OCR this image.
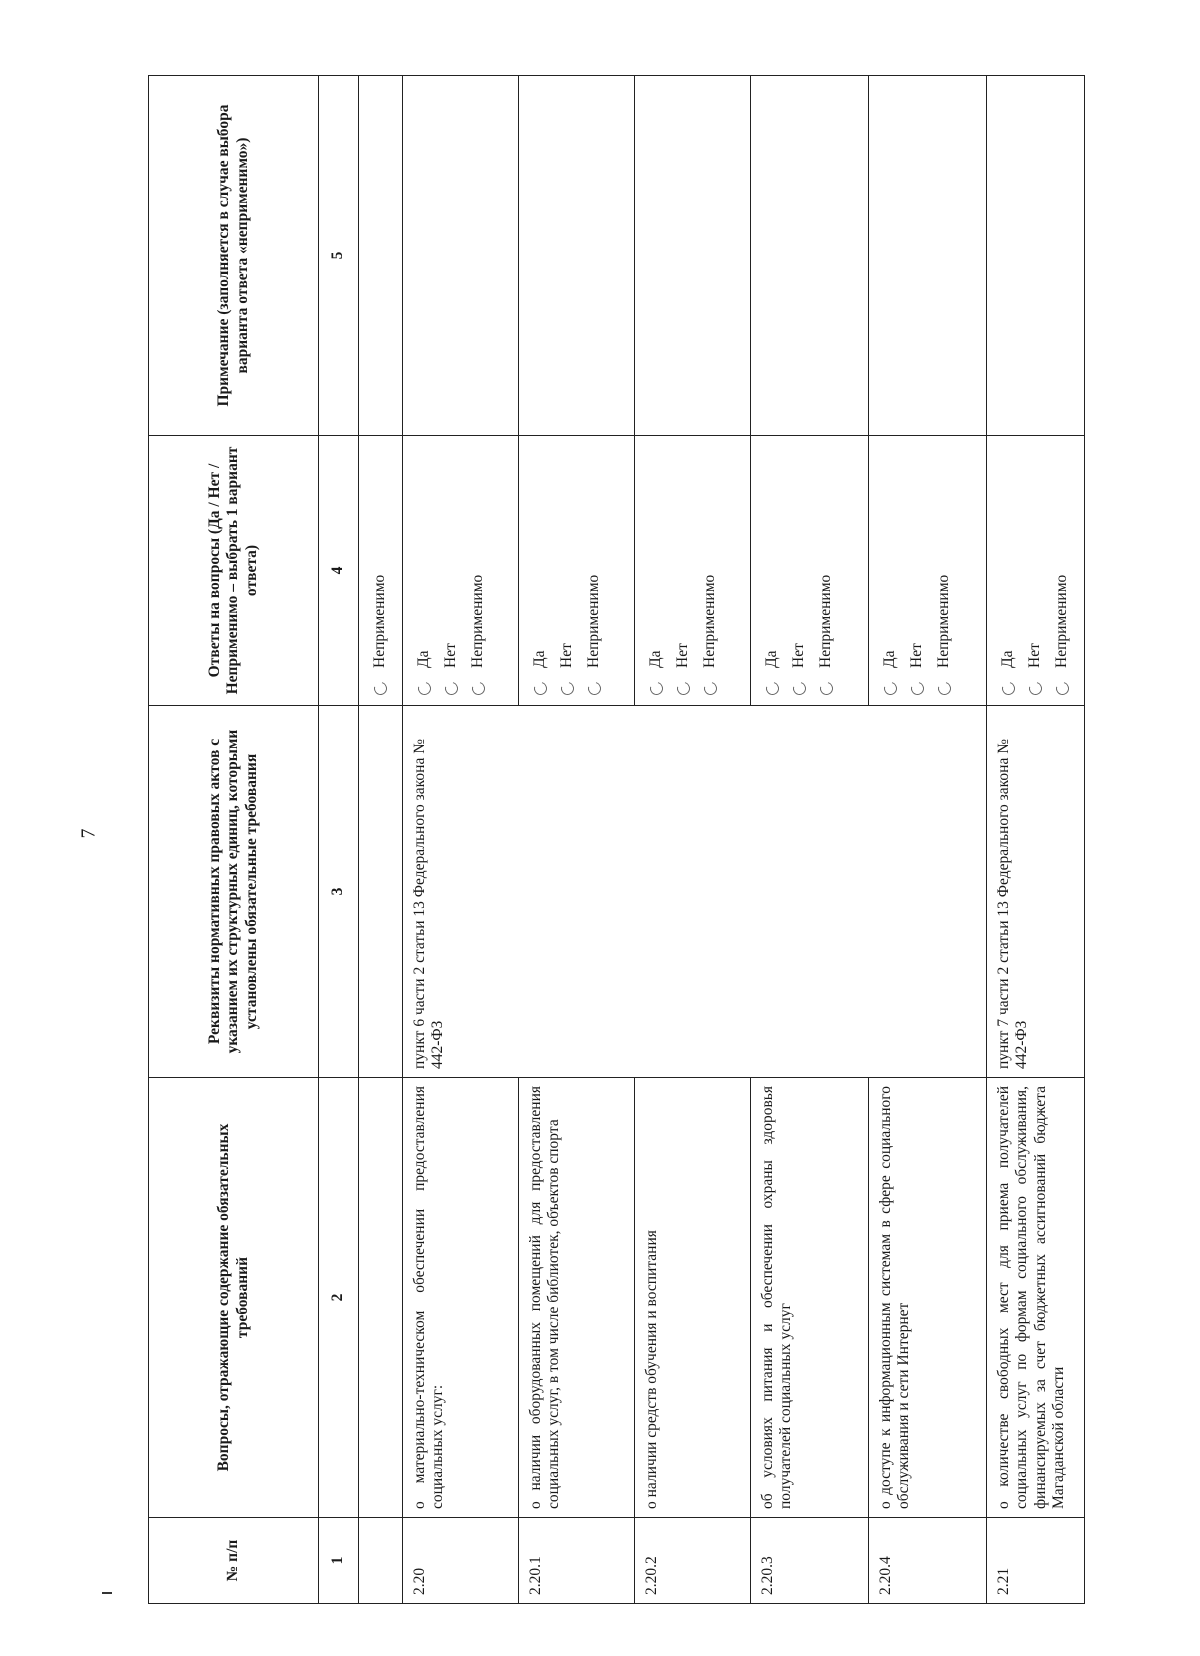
7
№ п/п	Вопросы, отражающие содержание обязательных требований	Реквизиты нормативных правовых актов с указанием их структурных единиц, которыми установлены обязательные требования	Ответы на вопросы (Да / Нет / Неприменимо – выбрать 1 вариант ответа)	Примечание (заполняется в случае выбора варианта ответа «неприменимо»)
1	2	3	4	5

			Неприменимо	

2.20	о материально-техническом обеспечении предоставления социальных услуг:	пункт 6 части 2 статьи 13 Федерального закона № 442-ФЗ	Да Нет Неприменимо	

2.20.1	о наличии оборудованных помещений для предоставления социальных услуг, в том числе библиотек, объектов спорта		Да Нет Неприменимо	

2.20.2	о наличии средств обучения и воспитания		Да Нет Неприменимо	

2.20.3	об условиях питания и обеспечении охраны здоровья получателей социальных услуг		Да Нет Неприменимо	

2.20.4	о доступе к информационным системам в сфере социального обслуживания и сети Интернет		Да Нет Неприменимо	

2.21	о количестве свободных мест для приема получателей социальных услуг по формам социального обслуживания, финансируемых за счет бюджетных ассигнований бюджета Магаданской области	пункт 7 части 2 статьи 13 Федерального закона № 442-ФЗ	Да Нет Неприменимо	
